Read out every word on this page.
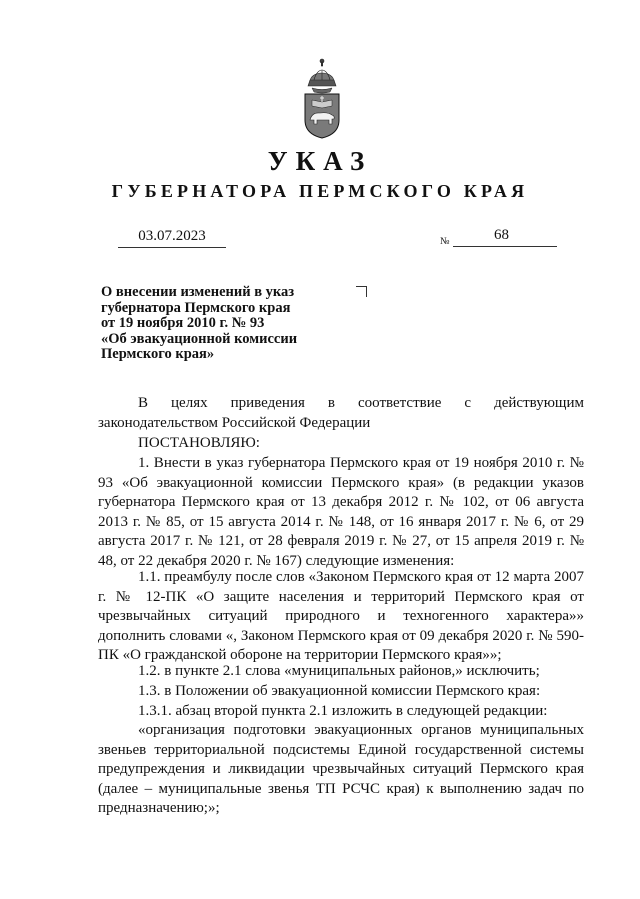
УКАЗ
ГУБЕРНАТОРА ПЕРМСКОГО КРАЯ
03.07.2023	№	68
О внесении изменений в указ
губернатора Пермского края
от 19 ноября 2010 г. № 93
«Об эвакуационной комиссии
Пермского края»
В целях приведения в соответствие с действующим
законодательством Российской Федерации
ПОСТАНОВЛЯЮ:
1. Внести в указ губернатора Пермского края от 19 ноября 2010 г. № 93 «Об эвакуационной комиссии Пермского края» (в редакции указов губернатора Пермского края от 13 декабря 2012 г. № 102, от 06 августа 2013 г. № 85, от 15 августа 2014 г. № 148, от 16 января 2017 г. № 6, от 29 августа 2017 г. № 121, от 28 февраля 2019 г. № 27, от 15 апреля 2019 г. № 48, от 22 декабря 2020 г. № 167) следующие изменения:
1.1. преамбулу после слов «Законом Пермского края от 12 марта 2007 г. № 12-ПК «О защите населения и территорий Пермского края от чрезвычайных ситуаций природного и техногенного характера»» дополнить словами «, Законом Пермского края от 09 декабря 2020 г. № 590-ПК «О гражданской обороне на территории Пермского края»»;
1.2. в пункте 2.1 слова «муниципальных районов,» исключить;
1.3. в Положении об эвакуационной комиссии Пермского края:
1.3.1. абзац второй пункта 2.1 изложить в следующей редакции:
«организация подготовки эвакуационных органов муниципальных звеньев территориальной подсистемы Единой государственной системы предупреждения и ликвидации чрезвычайных ситуаций Пермского края (далее – муниципальные звенья ТП РСЧС края) к выполнению задач по предназначению;»;
